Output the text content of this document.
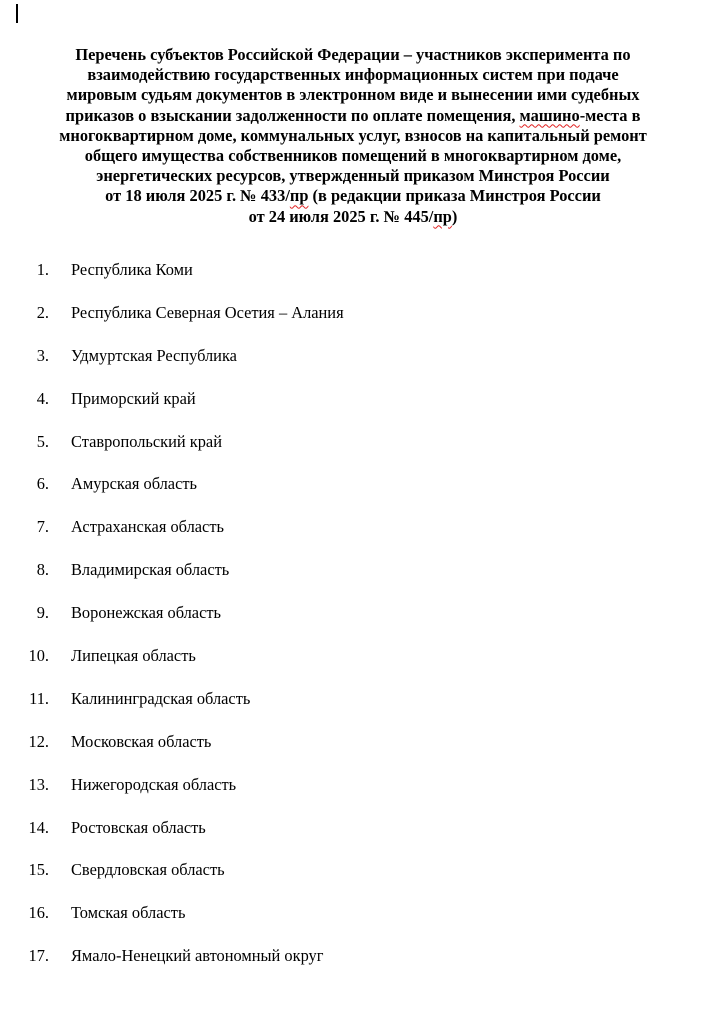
Перечень субъектов Российской Федерации – участников эксперимента по
взаимодействию государственных информационных систем при подаче
мировым судьям документов в электронном виде и вынесении ими судебных
приказов о взыскании задолженности по оплате помещения, машино-места в
многоквартирном доме, коммунальных услуг, взносов на капитальный ремонт
общего имущества собственников помещений в многоквартирном доме,
энергетических ресурсов, утвержденный приказом Минстроя России
от 18 июля 2025 г. № 433/пр (в редакции приказа Минстроя России
от 24 июля 2025 г. № 445/пр)
1. Республика Коми
2. Республика Северная Осетия – Алания
3. Удмуртская Республика
4. Приморский край
5. Ставропольский край
6. Амурская область
7. Астраханская область
8. Владимирская область
9. Воронежская область
10. Липецкая область
11. Калининградская область
12. Московская область
13. Нижегородская область
14. Ростовская область
15. Свердловская область
16. Томская область
17. Ямало-Ненецкий автономный округ
